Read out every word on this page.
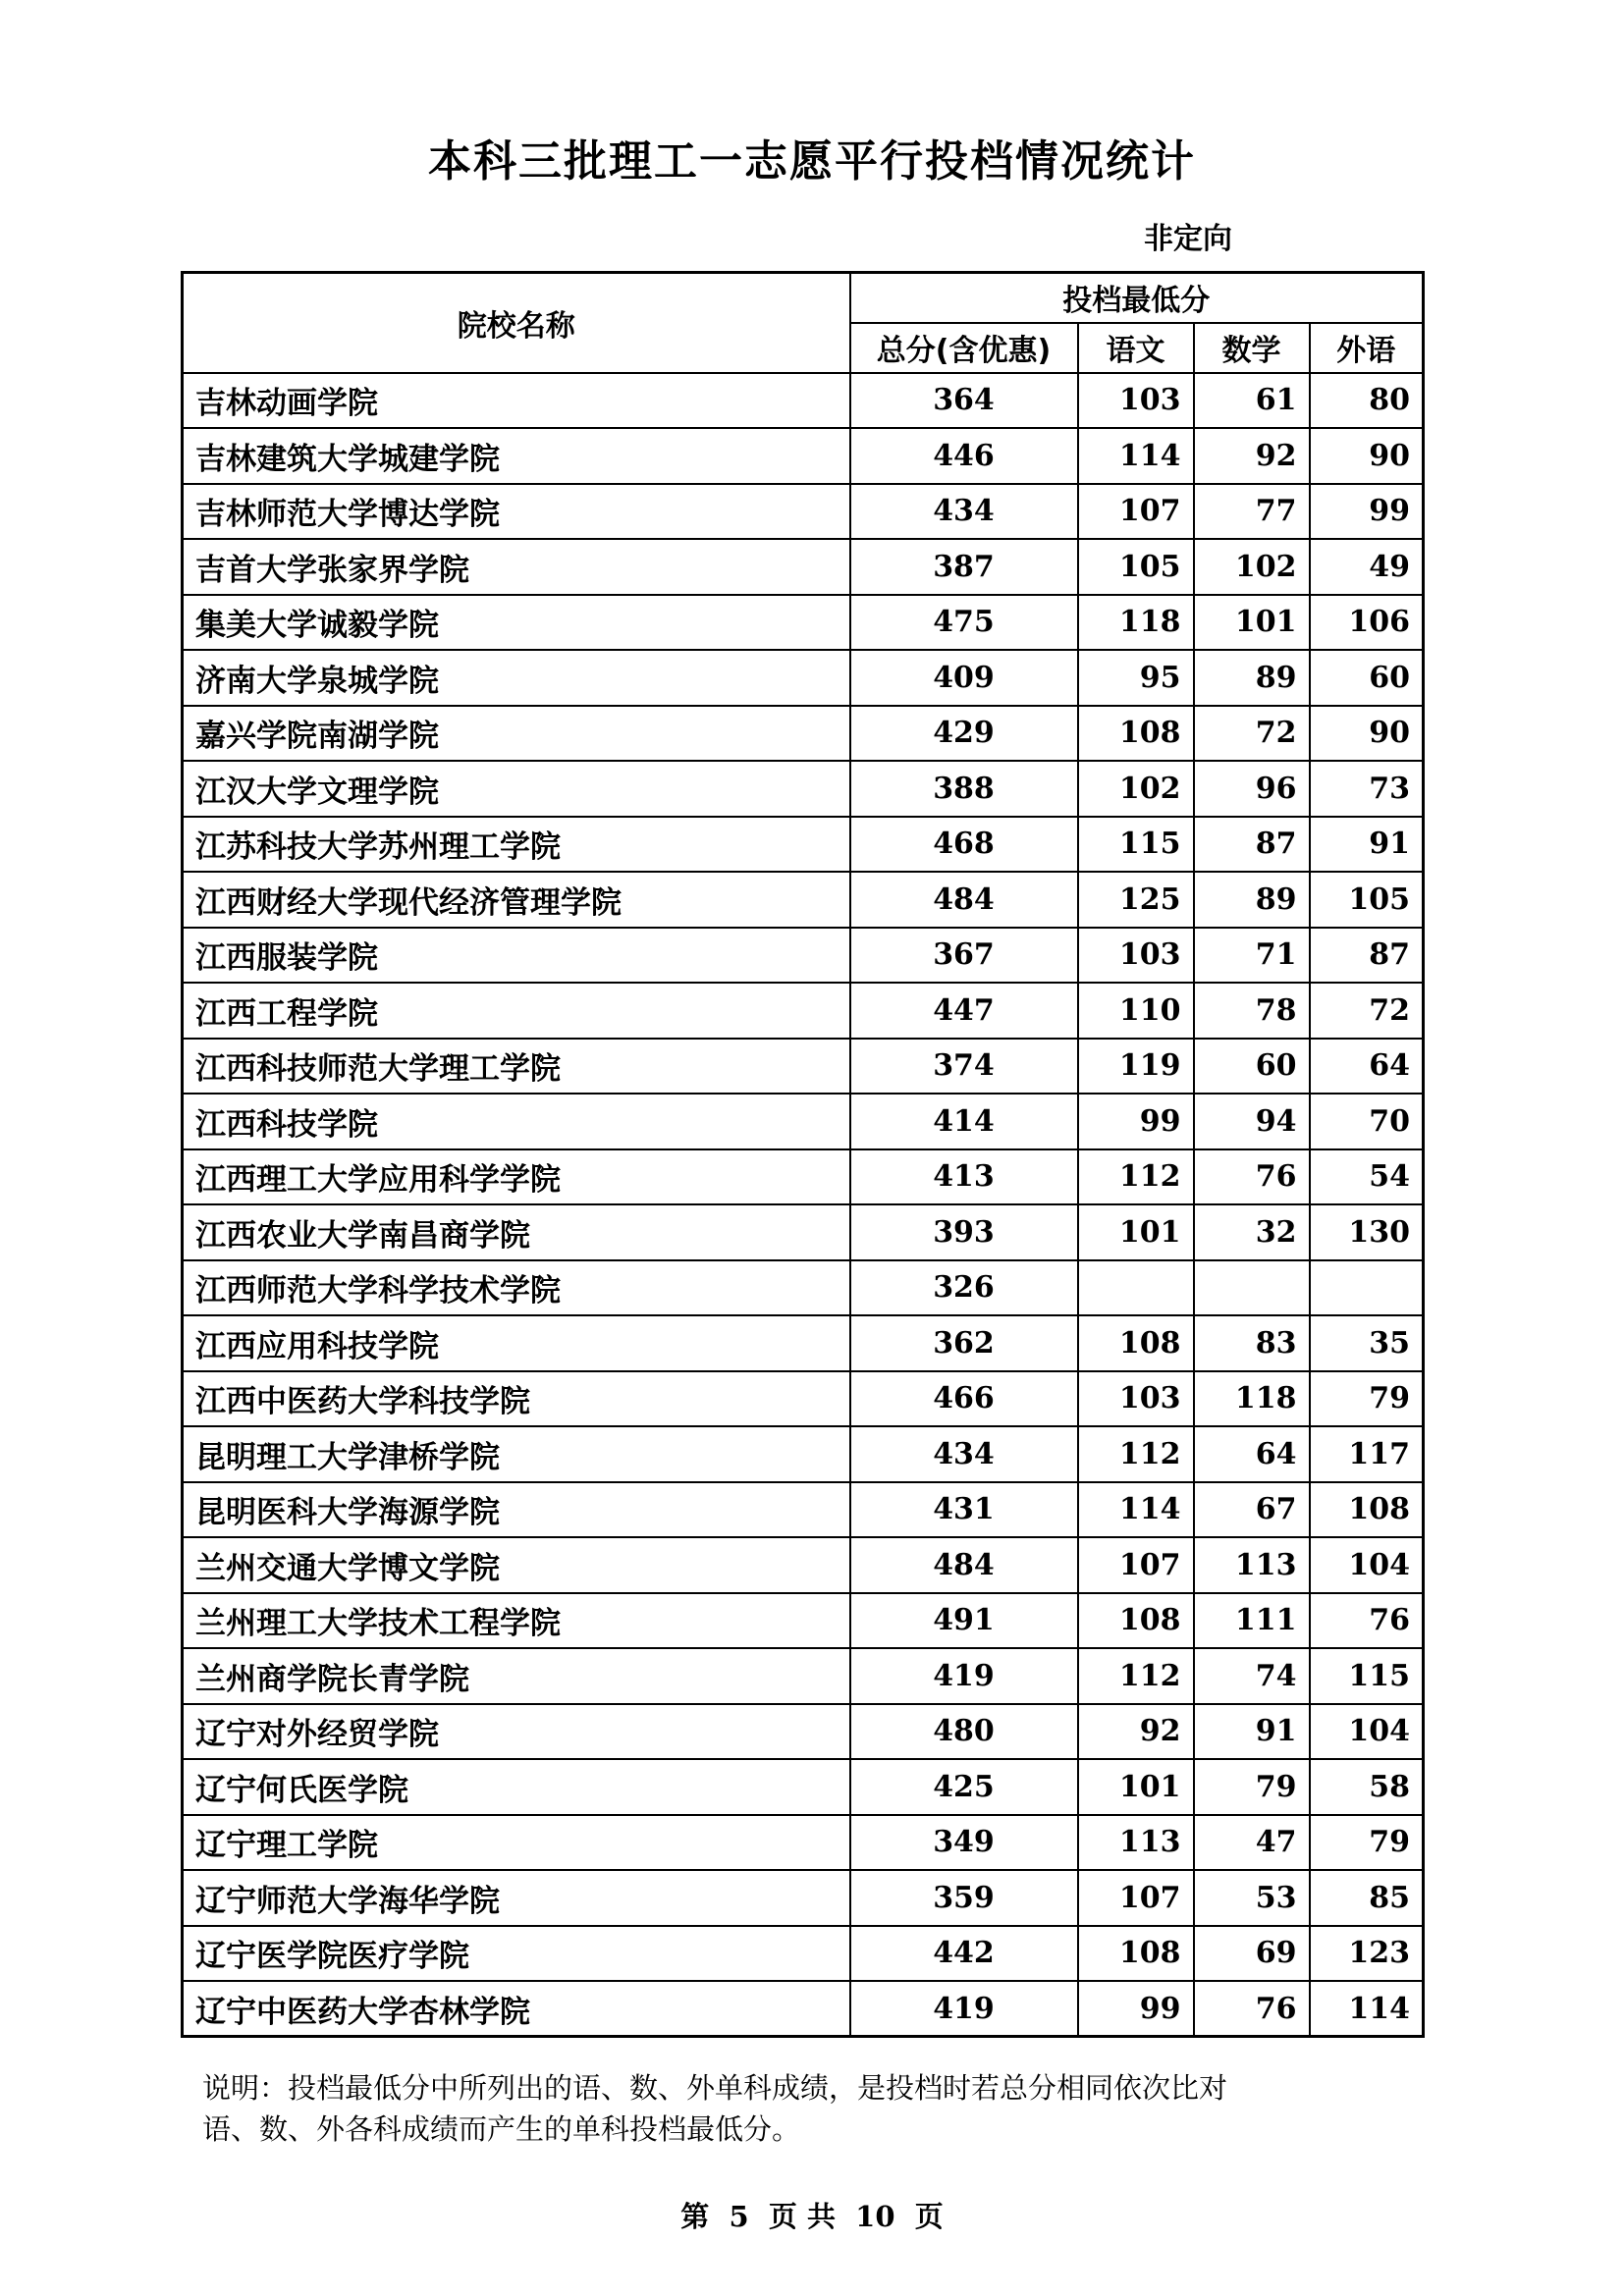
本科三批理工一志愿平行投档情况统计
非定向
院校名称	投档最低分			
	总分(含优惠)	语文	数学	外语
吉林动画学院	364	103	61	80
吉林建筑大学城建学院	446	114	92	90
吉林师范大学博达学院	434	107	77	99
吉首大学张家界学院	387	105	102	49
集美大学诚毅学院	475	118	101	106
济南大学泉城学院	409	95	89	60
嘉兴学院南湖学院	429	108	72	90
江汉大学文理学院	388	102	96	73
江苏科技大学苏州理工学院	468	115	87	91
江西财经大学现代经济管理学院	484	125	89	105
江西服装学院	367	103	71	87
江西工程学院	447	110	78	72
江西科技师范大学理工学院	374	119	60	64
江西科技学院	414	99	94	70
江西理工大学应用科学学院	413	112	76	54
江西农业大学南昌商学院	393	101	32	130
江西师范大学科学技术学院	326			
江西应用科技学院	362	108	83	35
江西中医药大学科技学院	466	103	118	79
昆明理工大学津桥学院	434	112	64	117
昆明医科大学海源学院	431	114	67	108
兰州交通大学博文学院	484	107	113	104
兰州理工大学技术工程学院	491	108	111	76
兰州商学院长青学院	419	112	74	115
辽宁对外经贸学院	480	92	91	104
辽宁何氏医学院	425	101	79	58
辽宁理工学院	349	113	47	79
辽宁师范大学海华学院	359	107	53	85
辽宁医学院医疗学院	442	108	69	123
辽宁中医药大学杏林学院	419	99	76	114
说明：投档最低分中所列出的语、数、外单科成绩，是投档时若总分相同依次比对
语、数、外各科成绩而产生的单科投档最低分。
第  5  页 共  10  页
